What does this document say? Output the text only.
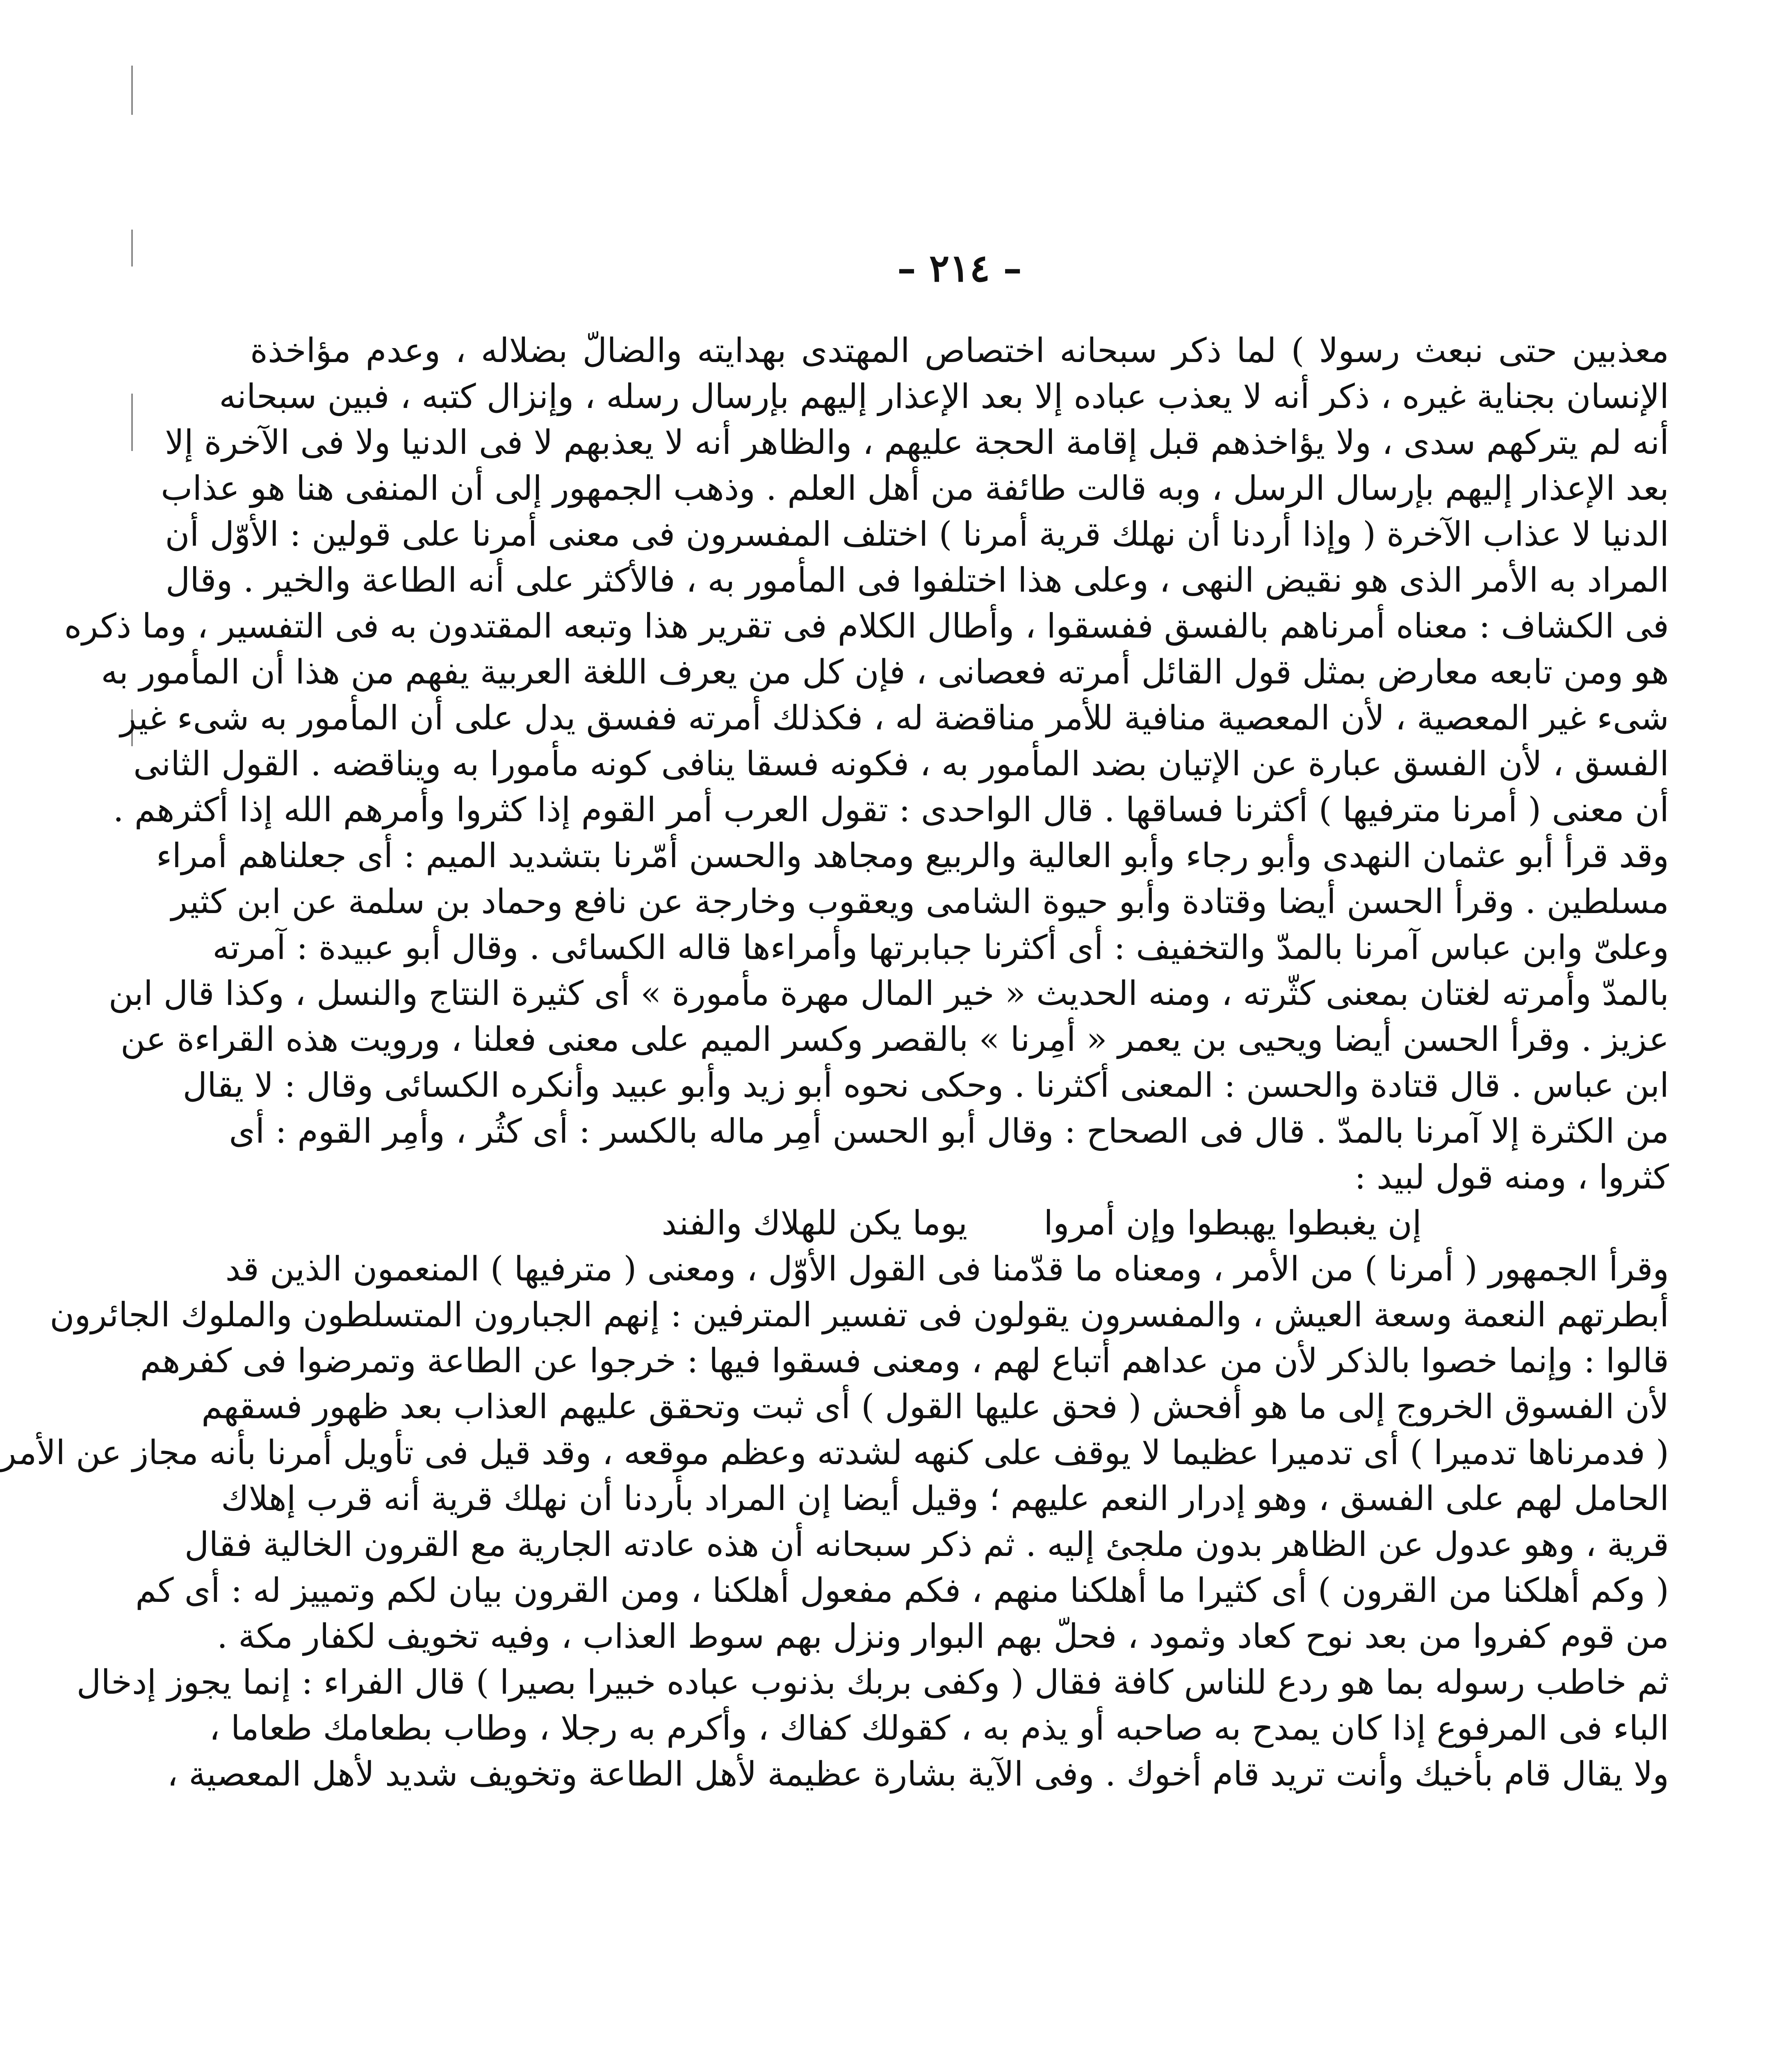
– ٢١٤ –
معذبين حتى نبعث رسولا ) لما ذكر سبحانه اختصاص المهتدى بهدايته والضالّ بضلاله ، وعدم مؤاخذة
الإنسان بجناية غيره ، ذكر أنه لا يعذب عباده إلا بعد الإعذار إليهم بإرسال رسله ، وإنزال كتبه ، فبين سبحانه
أنه لم يتركهم سدى ، ولا يؤاخذهم قبل إقامة الحجة عليهم ، والظاهر أنه لا يعذبهم لا فى الدنيا ولا فى الآخرة إلا
بعد الإعذار إليهم بإرسال الرسل ، وبه قالت طائفة من أهل العلم . وذهب الجمهور إلى أن المنفى هنا هو عذاب
الدنيا لا عذاب الآخرة ( وإذا أردنا أن نهلك قرية أمرنا ) اختلف المفسرون فى معنى أمرنا على قولين : الأوّل أن
المراد به الأمر الذى هو نقيض النهى ، وعلى هذا اختلفوا فى المأمور به ، فالأكثر على أنه الطاعة والخير . وقال
فى الكشاف : معناه أمرناهم بالفسق ففسقوا ، وأطال الكلام فى تقرير هذا وتبعه المقتدون به فى التفسير ، وما ذكره
هو ومن تابعه معارض بمثل قول القائل أمرته فعصانى ، فإن كل من يعرف اللغة العربية يفهم من هذا أن المأمور به
شىء غير المعصية ، لأن المعصية منافية للأمر مناقضة له ، فكذلك أمرته ففسق يدل على أن المأمور به شىء غير
الفسق ، لأن الفسق عبارة عن الإتيان بضد المأمور به ، فكونه فسقا ينافى كونه مأمورا به ويناقضه . القول الثانى
أن معنى ( أمرنا مترفيها ) أكثرنا فساقها . قال الواحدى : تقول العرب أمر القوم إذا كثروا وأمرهم الله إذا أكثرهم .
وقد قرأ أبو عثمان النهدى وأبو رجاء وأبو العالية والربيع ومجاهد والحسن أمّرنا بتشديد الميم : أى جعلناهم أمراء
مسلطين . وقرأ الحسن أيضا وقتادة وأبو حيوة الشامى ويعقوب وخارجة عن نافع وحماد بن سلمة عن ابن كثير
وعلىّ وابن عباس آمرنا بالمدّ والتخفيف : أى أكثرنا جبابرتها وأمراءها قاله الكسائى . وقال أبو عبيدة : آمرته
بالمدّ وأمرته لغتان بمعنى كثّرته ، ومنه الحديث « خير المال مهرة مأمورة » أى كثيرة النتاج والنسل ، وكذا قال ابن
عزيز . وقرأ الحسن أيضا ويحيى بن يعمر « أمِرنا » بالقصر وكسر الميم على معنى فعلنا ، ورويت هذه القراءة عن
ابن عباس . قال قتادة والحسن : المعنى أكثرنا . وحكى نحوه أبو زيد وأبو عبيد وأنكره الكسائى وقال : لا يقال
من الكثرة إلا آمرنا بالمدّ . قال فى الصحاح : وقال أبو الحسن أمِر ماله بالكسر : أى كثُر ، وأمِر القوم : أى
كثروا ، ومنه قول لبيد :
إن يغبطوا يهبطوا وإن أمروا يوما يكن للهلاك والفند
وقرأ الجمهور ( أمرنا ) من الأمر ، ومعناه ما قدّمنا فى القول الأوّل ، ومعنى ( مترفيها ) المنعمون الذين قد
أبطرتهم النعمة وسعة العيش ، والمفسرون يقولون فى تفسير المترفين : إنهم الجبارون المتسلطون والملوك الجائرون
قالوا : وإنما خصوا بالذكر لأن من عداهم أتباع لهم ، ومعنى فسقوا فيها : خرجوا عن الطاعة وتمرضوا فى كفرهم
لأن الفسوق الخروج إلى ما هو أفحش ( فحق عليها القول ) أى ثبت وتحقق عليهم العذاب بعد ظهور فسقهم
( فدمرناها تدميرا ) أى تدميرا عظيما لا يوقف على كنهه لشدته وعظم موقعه ، وقد قيل فى تأويل أمرنا بأنه مجاز عن الأمر
الحامل لهم على الفسق ، وهو إدرار النعم عليهم ؛ وقيل أيضا إن المراد بأردنا أن نهلك قرية أنه قرب إهلاك
قرية ، وهو عدول عن الظاهر بدون ملجئ إليه . ثم ذكر سبحانه أن هذه عادته الجارية مع القرون الخالية فقال
( وكم أهلكنا من القرون ) أى كثيرا ما أهلكنا منهم ، فكم مفعول أهلكنا ، ومن القرون بيان لكم وتمييز له : أى كم
من قوم كفروا من بعد نوح كعاد وثمود ، فحلّ بهم البوار ونزل بهم سوط العذاب ، وفيه تخويف لكفار مكة .
ثم خاطب رسوله بما هو ردع للناس كافة فقال ( وكفى بربك بذنوب عباده خبيرا بصيرا ) قال الفراء : إنما يجوز إدخال
الباء فى المرفوع إذا كان يمدح به صاحبه أو يذم به ، كقولك كفاك ، وأكرم به رجلا ، وطاب بطعامك طعاما ،
ولا يقال قام بأخيك وأنت تريد قام أخوك . وفى الآية بشارة عظيمة لأهل الطاعة وتخويف شديد لأهل المعصية ،
